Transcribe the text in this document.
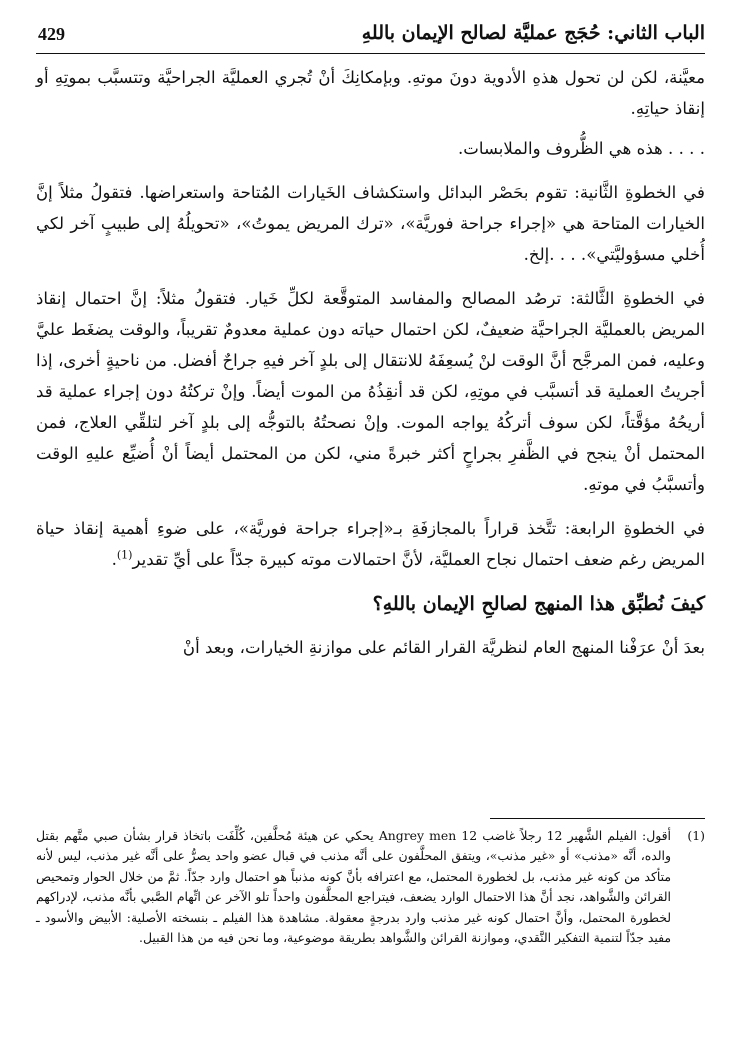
الباب الثاني: حُجَج عمليَّة لصالح الإيمان باللهِ
429

معيَّنة، لكن لن تحول هذهِ الأدوية دونَ موتهِ. وبإمكانِكَ أنْ تُجري العمليَّة الجراحيَّة وتتسبَّب بموتِهِ أو إنقاذ حياتِهِ.

. . . . هذه هي الظُّروف والملابسات.

في الخطوةِ الثَّانية: تقوم بحَصْر البدائل واستكشاف الخَيارات المُتاحة واستعراضها. فتقولُ مثلاً إنَّ الخيارات المتاحة هي «إجراء جراحة فوريَّة»، «ترك المريض يموتُ»، «تحويلُهُ إلى طبيبٍ آخر لكي أُخلي مسؤوليَّتي». . . .إلخ.

في الخطوةِ الثَّالثة: ترصُد المصالح والمفاسد المتوقَّعة لكلِّ خَيار. فتقولُ مثلاً: إنَّ احتمال إنقاذ المريض بالعمليَّة الجراحيَّة ضعيفٌ، لكن احتمال حياته دون عملية معدومٌ تقريباً، والوقت يضغَط عليَّ وعليه، فمن المرجَّح أنَّ الوقت لنْ يُسعِفَهُ للانتقال إلى بلدٍ آخر فيهِ جراحٌ أفضل. من ناحيةٍ أخرى، إذا أجريتُ العملية قد أتسبَّب في موتِهِ، لكن قد أنقِذُهُ من الموت أيضاً. وإنْ تركتُهُ دون إجراء عملية قد أريحُهُ مؤقَّتاً، لكن سوف أتركُهُ يواجه الموت. وإنْ نصحتُهُ بالتوجُّه إلى بلدٍ آخر لتلقِّي العلاج، فمن المحتمل أنْ ينجح في الظَّفرِ بجراحٍ أكثر خبرةً مني، لكن من المحتمل أيضاً أنْ أُضيِّع عليهِ الوقت وأتسبَّبُ في موتهِ.

في الخطوةِ الرابعة: تتَّخذ قراراً بالمجازفَةِ بـ«إجراء جراحة فوريَّة»، على ضوءِ أهمية إنقاذ حياة المريض رغم ضعف احتمال نجاح العمليَّة، لأنَّ احتمالات موته كبيرة جدّاً على أيِّ تقدير$^{(1)}$.

كيفَ نُطبِّق هذا المنهج لصالحِ الإيمان باللهِ؟

بعدَ أنْ عرَفْنا المنهج العام لنظريَّة القرار القائم على موازنةِ الخيارات، وبعد أنْ

(1)
أقول: الفيلم الشَّهير 12 رجلاً غاضب 12 Angrey men يحكي عن هيئة مُحلَّفين، كُلِّفَت باتخاذ قرار بشأن صبي متَّهم بقتل والده، أنَّه «مذنب» أو «غير مذنب»، ويتفق المحلَّفون على أنَّه مذنب في قبال عضو واحد يصرُّ على أنَّه غير مذنب، ليس لأنه متأكد من كونه غير مذنب، بل لخطورة المحتمل، مع اعترافه بأنَّ كونه مذنباً هو احتمال وارد جدّاً. ثمَّ من خلال الحوار وتمحيص القرائن والشَّواهد، نجد أنَّ هذا الاحتمال الوارد يضعف، فيتراجع المحلَّفون واحداً تلو الآخر عن اتِّهام الصَّبي بأنَّه مذنب، لإدراكهم لخطورة المحتمل، وأنَّ احتمال كونه غير مذنب وارد بدرجةٍ معقولة. مشاهدة هذا الفيلم ـ بنسخته الأصلية: الأبيض والأسود ـ مفيد جدّاً لتنمية التفكير النَّقدي، وموازنة القرائن والشَّواهد بطريقة موضوعية، وما نحن فيه من هذا القبيل.
